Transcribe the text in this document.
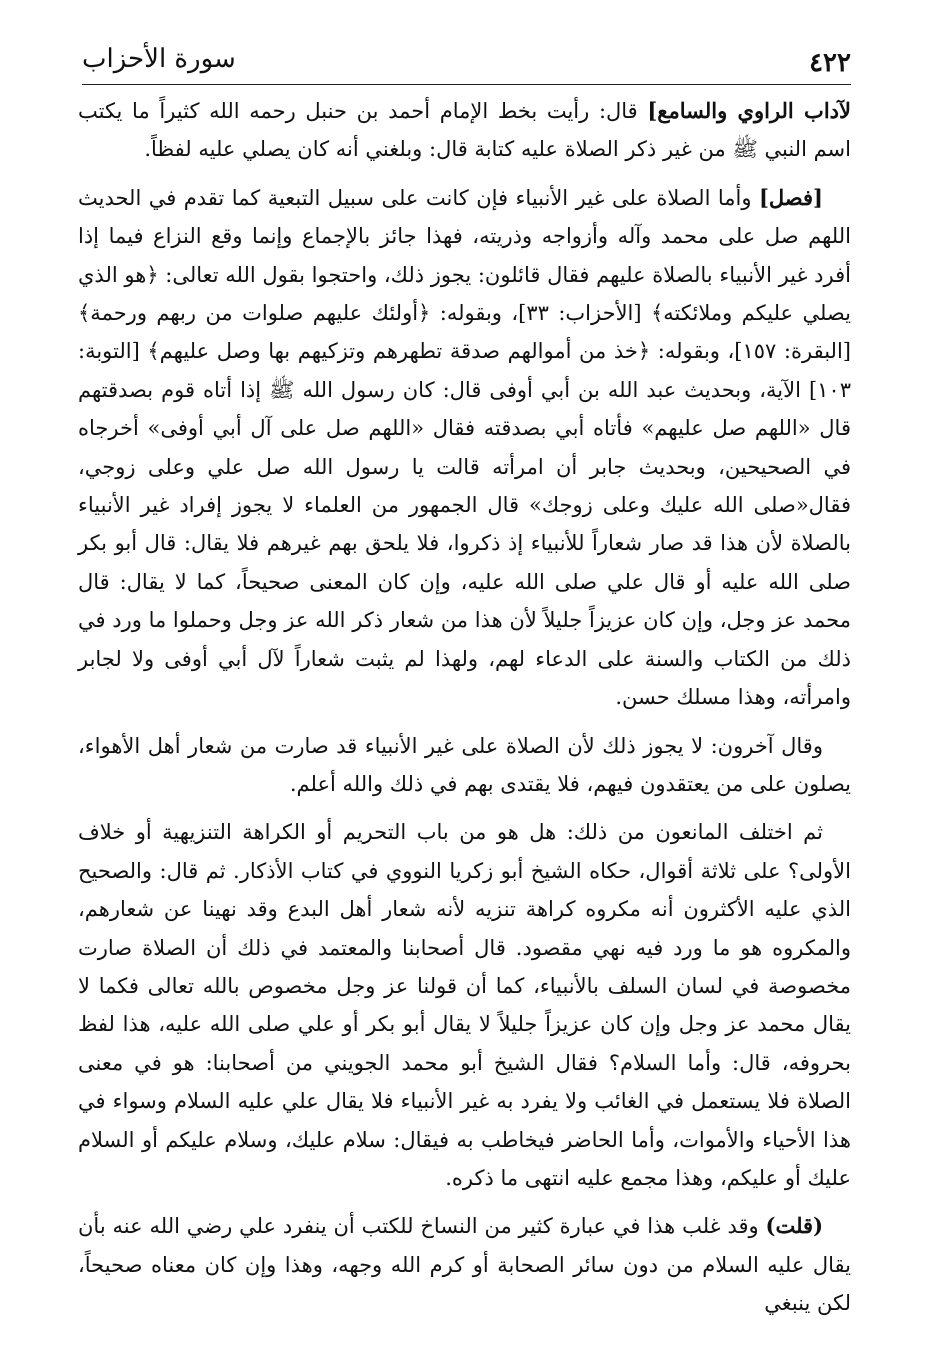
٤٢٢
سورة الأحزاب

لآداب الراوي والسامع] قال: رأيت بخط الإمام أحمد بن حنبل رحمه الله كثيراً ما يكتب اسم النبي ﷺ من غير ذكر الصلاة عليه كتابة قال: وبلغني أنه كان يصلي عليه لفظاً.

[فصل] وأما الصلاة على غير الأنبياء فإن كانت على سبيل التبعية كما تقدم في الحديث اللهم صل على محمد وآله وأزواجه وذريته، فهذا جائز بالإجماع وإنما وقع النزاع فيما إذا أفرد غير الأنبياء بالصلاة عليهم فقال قائلون: يجوز ذلك، واحتجوا بقول الله تعالى: ﴿هو الذي يصلي عليكم وملائكته﴾ [الأحزاب: ٣٣]، وبقوله: ﴿أولئك عليهم صلوات من ربهم ورحمة﴾ [البقرة: ١٥٧]، وبقوله: ﴿خذ من أموالهم صدقة تطهرهم وتزكيهم بها وصل عليهم﴾ [التوبة: ١٠٣] الآية، وبحديث عبد الله بن أبي أوفى قال: كان رسول الله ﷺ إذا أتاه قوم بصدقتهم قال «اللهم صل عليهم» فأتاه أبي بصدقته فقال «اللهم صل على آل أبي أوفى» أخرجاه في الصحيحين، وبحديث جابر أن امرأته قالت يا رسول الله صل علي وعلى زوجي، فقال«صلى الله عليك وعلى زوجك» قال الجمهور من العلماء لا يجوز إفراد غير الأنبياء بالصلاة لأن هذا قد صار شعاراً للأنبياء إذ ذكروا، فلا يلحق بهم غيرهم فلا يقال: قال أبو بكر صلى الله عليه أو قال علي صلى الله عليه، وإن كان المعنى صحيحاً، كما لا يقال: قال محمد عز وجل، وإن كان عزيزاً جليلاً لأن هذا من شعار ذكر الله عز وجل وحملوا ما ورد في ذلك من الكتاب والسنة على الدعاء لهم، ولهذا لم يثبت شعاراً لآل أبي أوفى ولا لجابر وامرأته، وهذا مسلك حسن.

وقال آخرون: لا يجوز ذلك لأن الصلاة على غير الأنبياء قد صارت من شعار أهل الأهواء، يصلون على من يعتقدون فيهم، فلا يقتدى بهم في ذلك والله أعلم.

ثم اختلف المانعون من ذلك: هل هو من باب التحريم أو الكراهة التنزيهية أو خلاف الأولى؟ على ثلاثة أقوال، حكاه الشيخ أبو زكريا النووي في كتاب الأذكار. ثم قال: والصحيح الذي عليه الأكثرون أنه مكروه كراهة تنزيه لأنه شعار أهل البدع وقد نهينا عن شعارهم، والمكروه هو ما ورد فيه نهي مقصود. قال أصحابنا والمعتمد في ذلك أن الصلاة صارت مخصوصة في لسان السلف بالأنبياء، كما أن قولنا عز وجل مخصوص بالله تعالى فكما لا يقال محمد عز وجل وإن كان عزيزاً جليلاً لا يقال أبو بكر أو علي صلى الله عليه، هذا لفظ بحروفه، قال: وأما السلام؟ فقال الشيخ أبو محمد الجويني من أصحابنا: هو في معنى الصلاة فلا يستعمل في الغائب ولا يفرد به غير الأنبياء فلا يقال علي عليه السلام وسواء في هذا الأحياء والأموات، وأما الحاضر فيخاطب به فيقال: سلام عليك، وسلام عليكم أو السلام عليك أو عليكم، وهذا مجمع عليه انتهى ما ذكره.

(قلت) وقد غلب هذا في عبارة كثير من النساخ للكتب أن ينفرد علي رضي الله عنه بأن يقال عليه السلام من دون سائر الصحابة أو كرم الله وجهه، وهذا وإن كان معناه صحيحاً، لكن ينبغي
